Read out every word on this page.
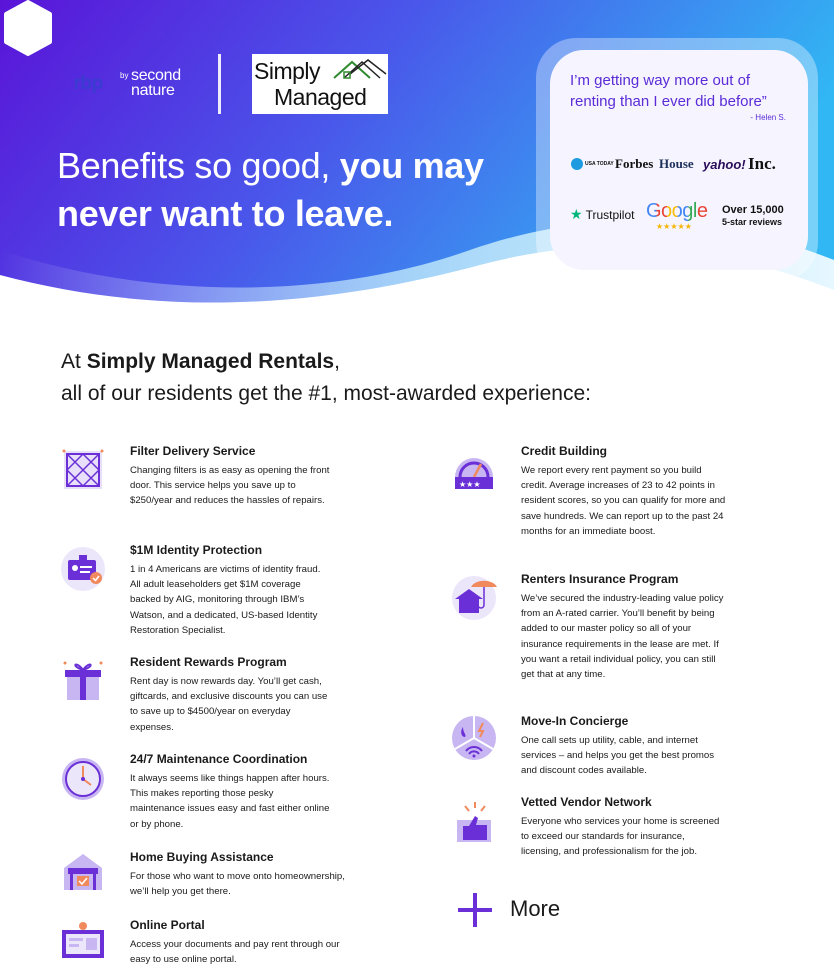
rbp	by second
nature
Simply
Managed
Benefits so good, you may
never want to leave.
I’m getting way more out of renting than I ever did before”
- Helen S.
USA TODAY Forbes House yahoo! Inc.
★ Trustpilot Google
★★★★★
Over 15,000
5-star reviews
At Simply Managed Rentals,
all of our residents get the #1, most-awarded experience:
Filter Delivery Service
Changing filters is as easy as opening the front door. This service helps you save up to $250/year and reduces the hassles of repairs.
$1M Identity Protection
1 in 4 Americans are victims of identity fraud. All adult leaseholders get $1M coverage backed by AIG, monitoring through IBM’s Watson, and a dedicated, US-based Identity Restoration Specialist.
Resident Rewards Program
Rent day is now rewards day. You’ll get cash, giftcards, and exclusive discounts you can use to save up to $4500/year on everyday expenses.
24/7 Maintenance Coordination
It always seems like things happen after hours. This makes reporting those pesky maintenance issues easy and fast either online or by phone.
Home Buying Assistance
For those who want to move onto homeownership, we’ll help you get there.
Online Portal
Access your documents and pay rent through our easy to use online portal.
★★★
Credit Building
We report every rent payment so you build credit. Average increases of 23 to 42 points in resident scores, so you can qualify for more and save hundreds. We can report up to the past 24 months for an immediate boost.
Renters Insurance Program
We’ve secured the industry-leading value policy from an A-rated carrier. You’ll benefit by being added to our master policy so all of your insurance requirements in the lease are met. If you want a retail individual policy, you can still get that at any time.
Move-In Concierge
One call sets up utility, cable, and internet services – and helps you get the best promos and discount codes available.
Vetted Vendor Network
Everyone who services your home is screened to exceed our standards for insurance, licensing, and professionalism for the job.
More
